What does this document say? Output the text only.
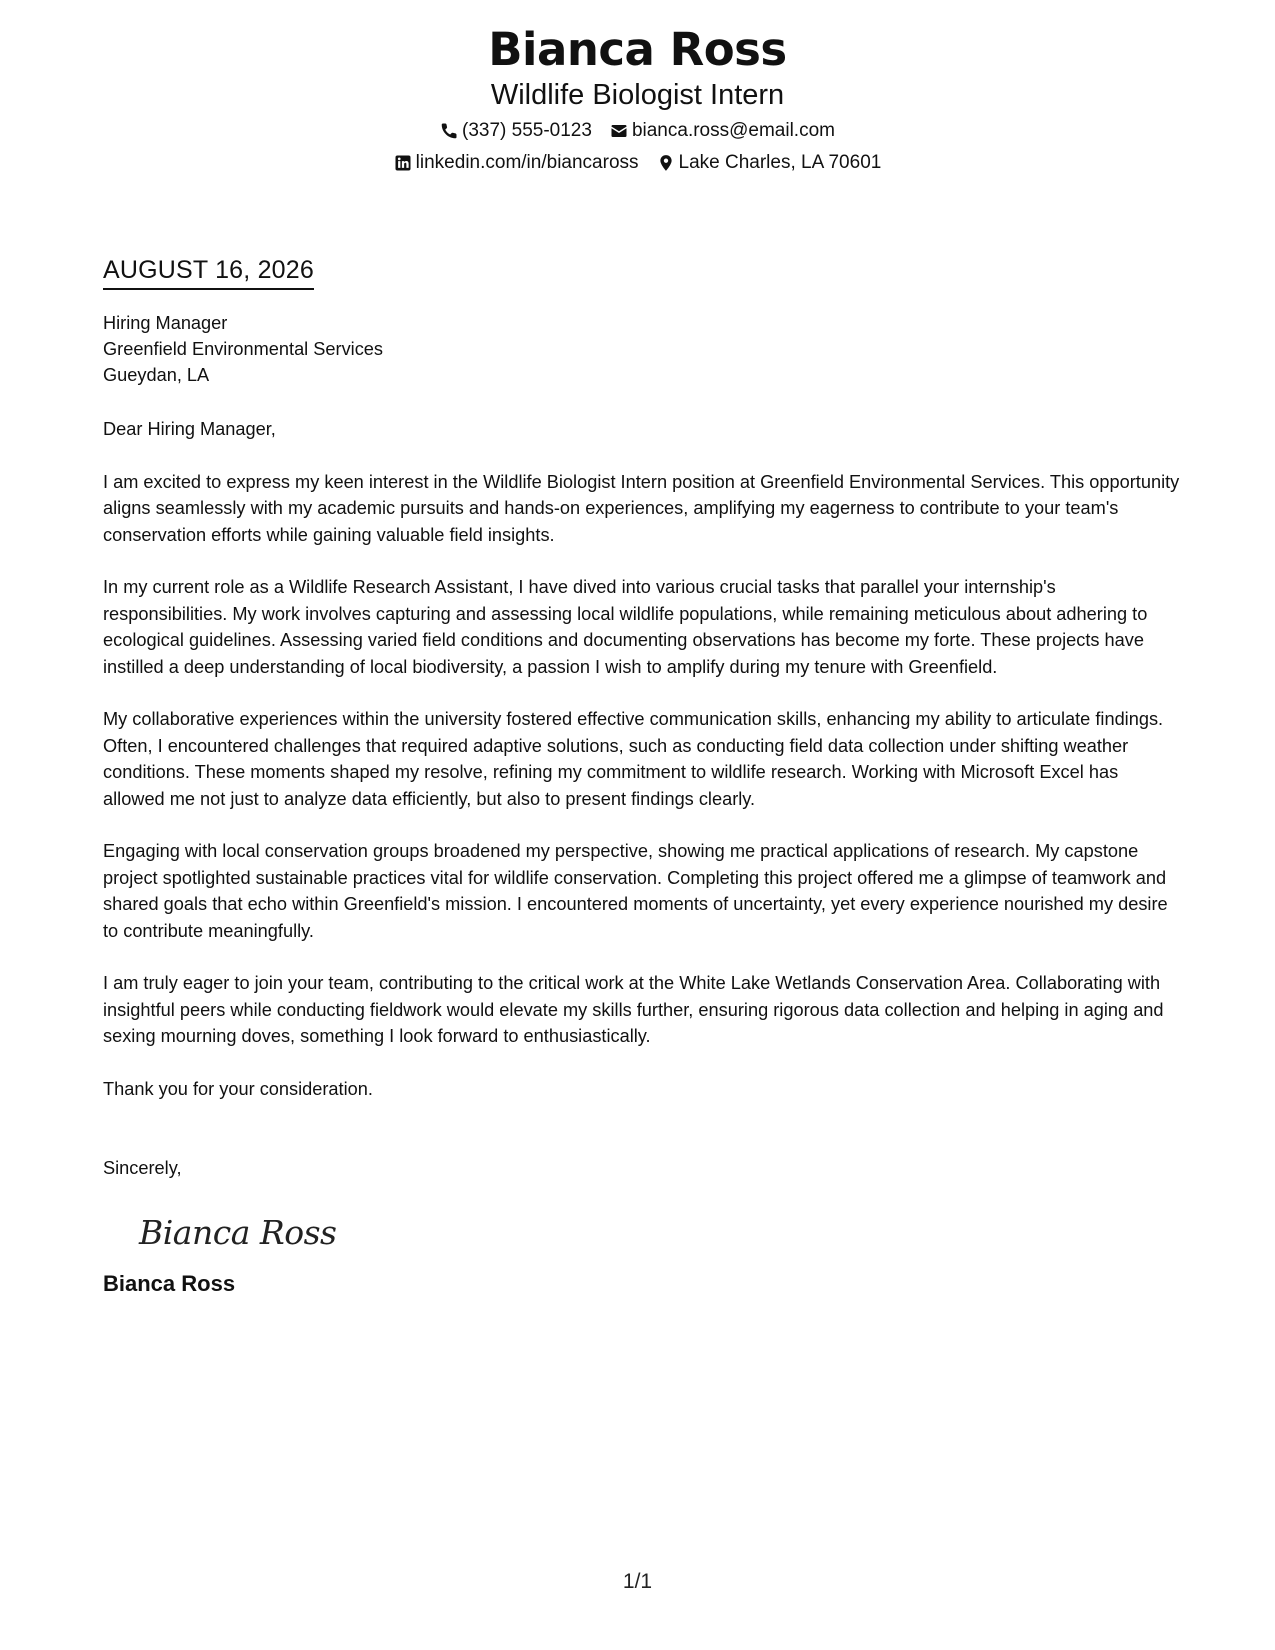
Bianca Ross
Wildlife Biologist Intern
(337) 555-0123 bianca.ross@email.com
linkedin.com/in/biancaross Lake Charles, LA 70601
AUGUST 16, 2026
Hiring Manager
Greenfield Environmental Services
Gueydan, LA
Dear Hiring Manager,
I am excited to express my keen interest in the Wildlife Biologist Intern position at Greenfield Environmental Services. This opportunity aligns seamlessly with my academic pursuits and hands-on experiences, amplifying my eagerness to contribute to your team's conservation efforts while gaining valuable field insights.
In my current role as a Wildlife Research Assistant, I have dived into various crucial tasks that parallel your internship's responsibilities. My work involves capturing and assessing local wildlife populations, while remaining meticulous about adhering to ecological guidelines. Assessing varied field conditions and documenting observations has become my forte. These projects have instilled a deep understanding of local biodiversity, a passion I wish to amplify during my tenure with Greenfield.
My collaborative experiences within the university fostered effective communication skills, enhancing my ability to articulate findings. Often, I encountered challenges that required adaptive solutions, such as conducting field data collection under shifting weather conditions. These moments shaped my resolve, refining my commitment to wildlife research. Working with Microsoft Excel has allowed me not just to analyze data efficiently, but also to present findings clearly.
Engaging with local conservation groups broadened my perspective, showing me practical applications of research. My capstone project spotlighted sustainable practices vital for wildlife conservation. Completing this project offered me a glimpse of teamwork and shared goals that echo within Greenfield's mission. I encountered moments of uncertainty, yet every experience nourished my desire to contribute meaningfully.
I am truly eager to join your team, contributing to the critical work at the White Lake Wetlands Conservation Area. Collaborating with insightful peers while conducting fieldwork would elevate my skills further, ensuring rigorous data collection and helping in aging and sexing mourning doves, something I look forward to enthusiastically.
Thank you for your consideration.
Sincerely,
Bianca Ross
Bianca Ross
1/1
